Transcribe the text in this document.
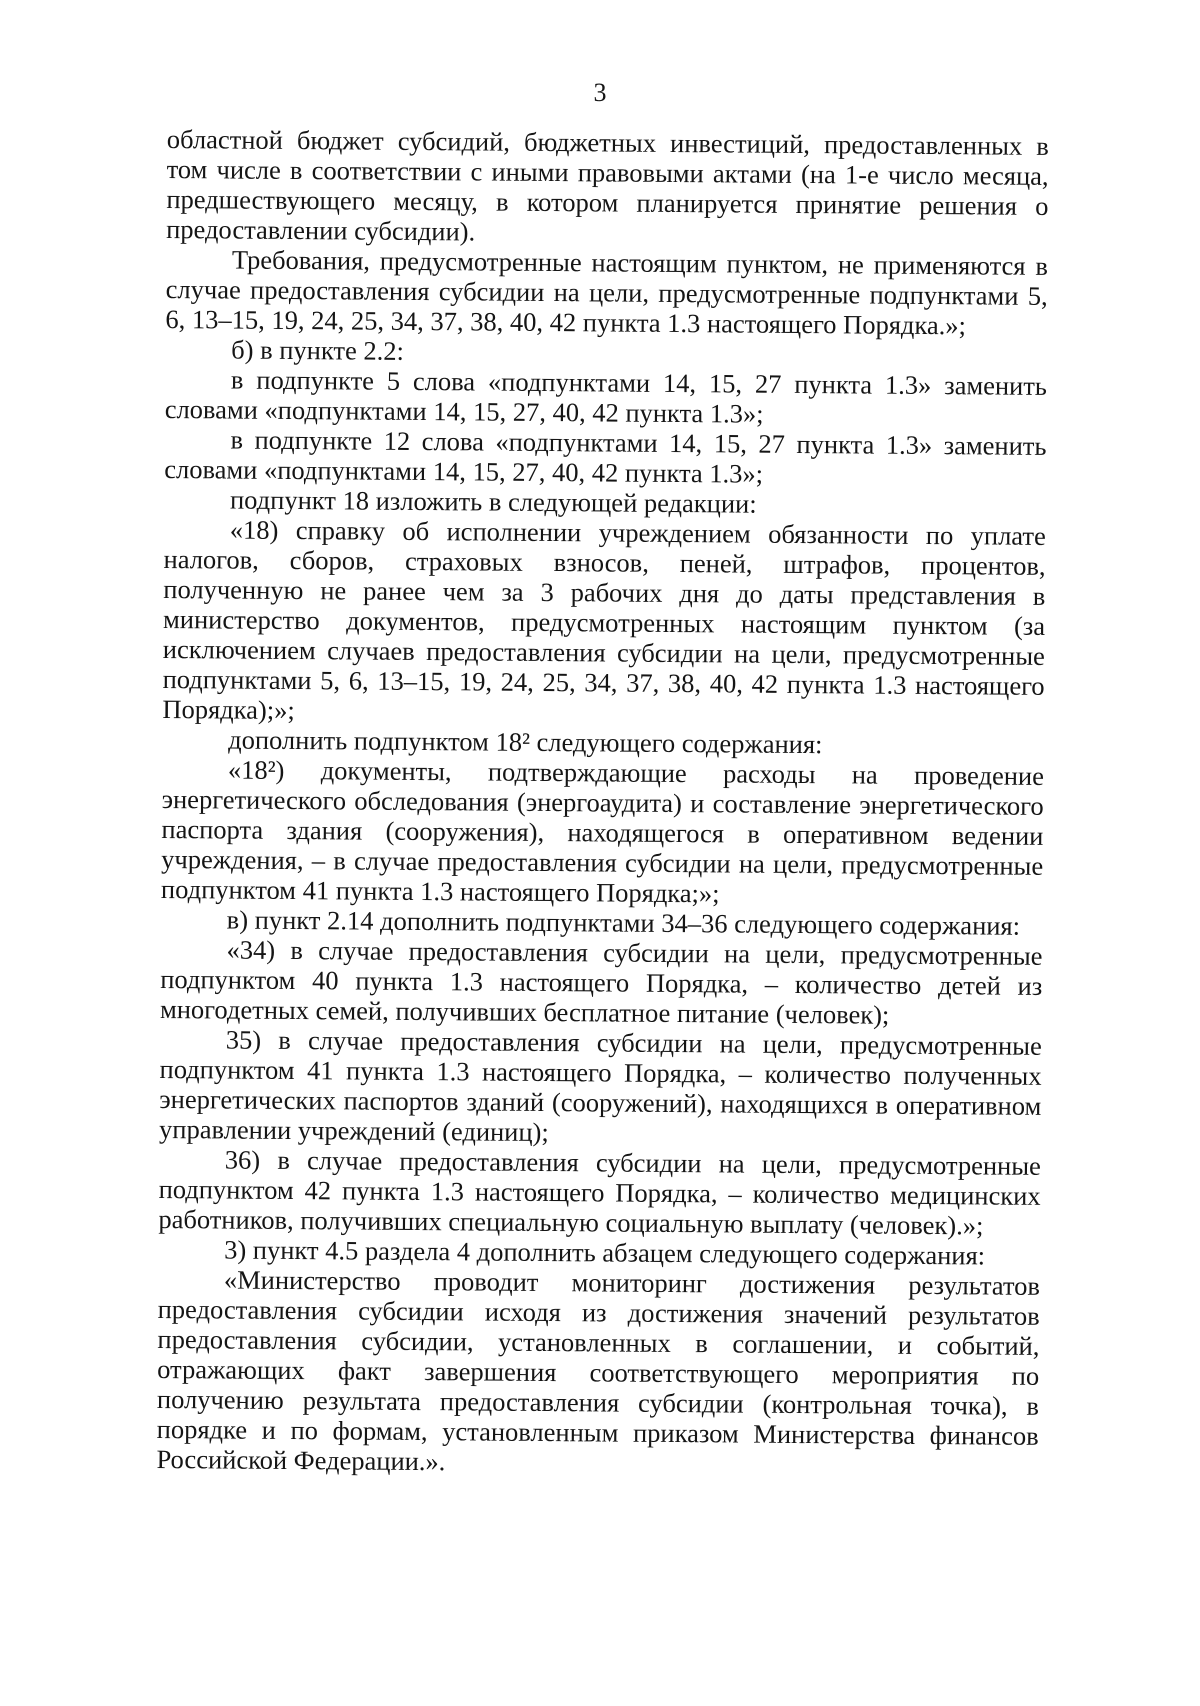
3

областной бюджет субсидий, бюджетных инвестиций, предоставленных в том числе в соответствии с иными правовыми актами (на 1-е число месяца, предшествующего месяцу, в котором планируется принятие решения о предоставлении субсидии).

Требования, предусмотренные настоящим пунктом, не применяются в случае предоставления субсидии на цели, предусмотренные подпунктами 5, 6, 13–15, 19, 24, 25, 34, 37, 38, 40, 42 пункта 1.3 настоящего Порядка.»;

б) в пункте 2.2:

в подпункте 5 слова «подпунктами 14, 15, 27 пункта 1.3» заменить словами «подпунктами 14, 15, 27, 40, 42 пункта 1.3»;

в подпункте 12 слова «подпунктами 14, 15, 27 пункта 1.3» заменить словами «подпунктами 14, 15, 27, 40, 42 пункта 1.3»;

подпункт 18 изложить в следующей редакции:

«18) справку об исполнении учреждением обязанности по уплате налогов, сборов, страховых взносов, пеней, штрафов, процентов, полученную не ранее чем за 3 рабочих дня до даты представления в министерство документов, предусмотренных настоящим пунктом (за исключением случаев предоставления субсидии на цели, предусмотренные подпунктами 5, 6, 13–15, 19, 24, 25, 34, 37, 38, 40, 42 пункта 1.3 настоящего Порядка);»;

дополнить подпунктом 18² следующего содержания:

«18²) документы, подтверждающие расходы на проведение энергетического обследования (энергоаудита) и составление энергетического паспорта здания (сооружения), находящегося в оперативном ведении учреждения, – в случае предоставления субсидии на цели, предусмотренные подпунктом 41 пункта 1.3 настоящего Порядка;»;

в) пункт 2.14 дополнить подпунктами 34–36 следующего содержания:

«34) в случае предоставления субсидии на цели, предусмотренные подпунктом 40 пункта 1.3 настоящего Порядка, – количество детей из многодетных семей, получивших бесплатное питание (человек);

35) в случае предоставления субсидии на цели, предусмотренные подпунктом 41 пункта 1.3 настоящего Порядка, – количество полученных энергетических паспортов зданий (сооружений), находящихся в оперативном управлении учреждений (единиц);

36) в случае предоставления субсидии на цели, предусмотренные подпунктом 42 пункта 1.3 настоящего Порядка, – количество медицинских работников, получивших специальную социальную выплату (человек).»;

3) пункт 4.5 раздела 4 дополнить абзацем следующего содержания:

«Министерство проводит мониторинг достижения результатов предоставления субсидии исходя из достижения значений результатов предоставления субсидии, установленных в соглашении, и событий, отражающих факт завершения соответствующего мероприятия по получению результата предоставления субсидии (контрольная точка), в порядке и по формам, установленным приказом Министерства финансов Российской Федерации.».
